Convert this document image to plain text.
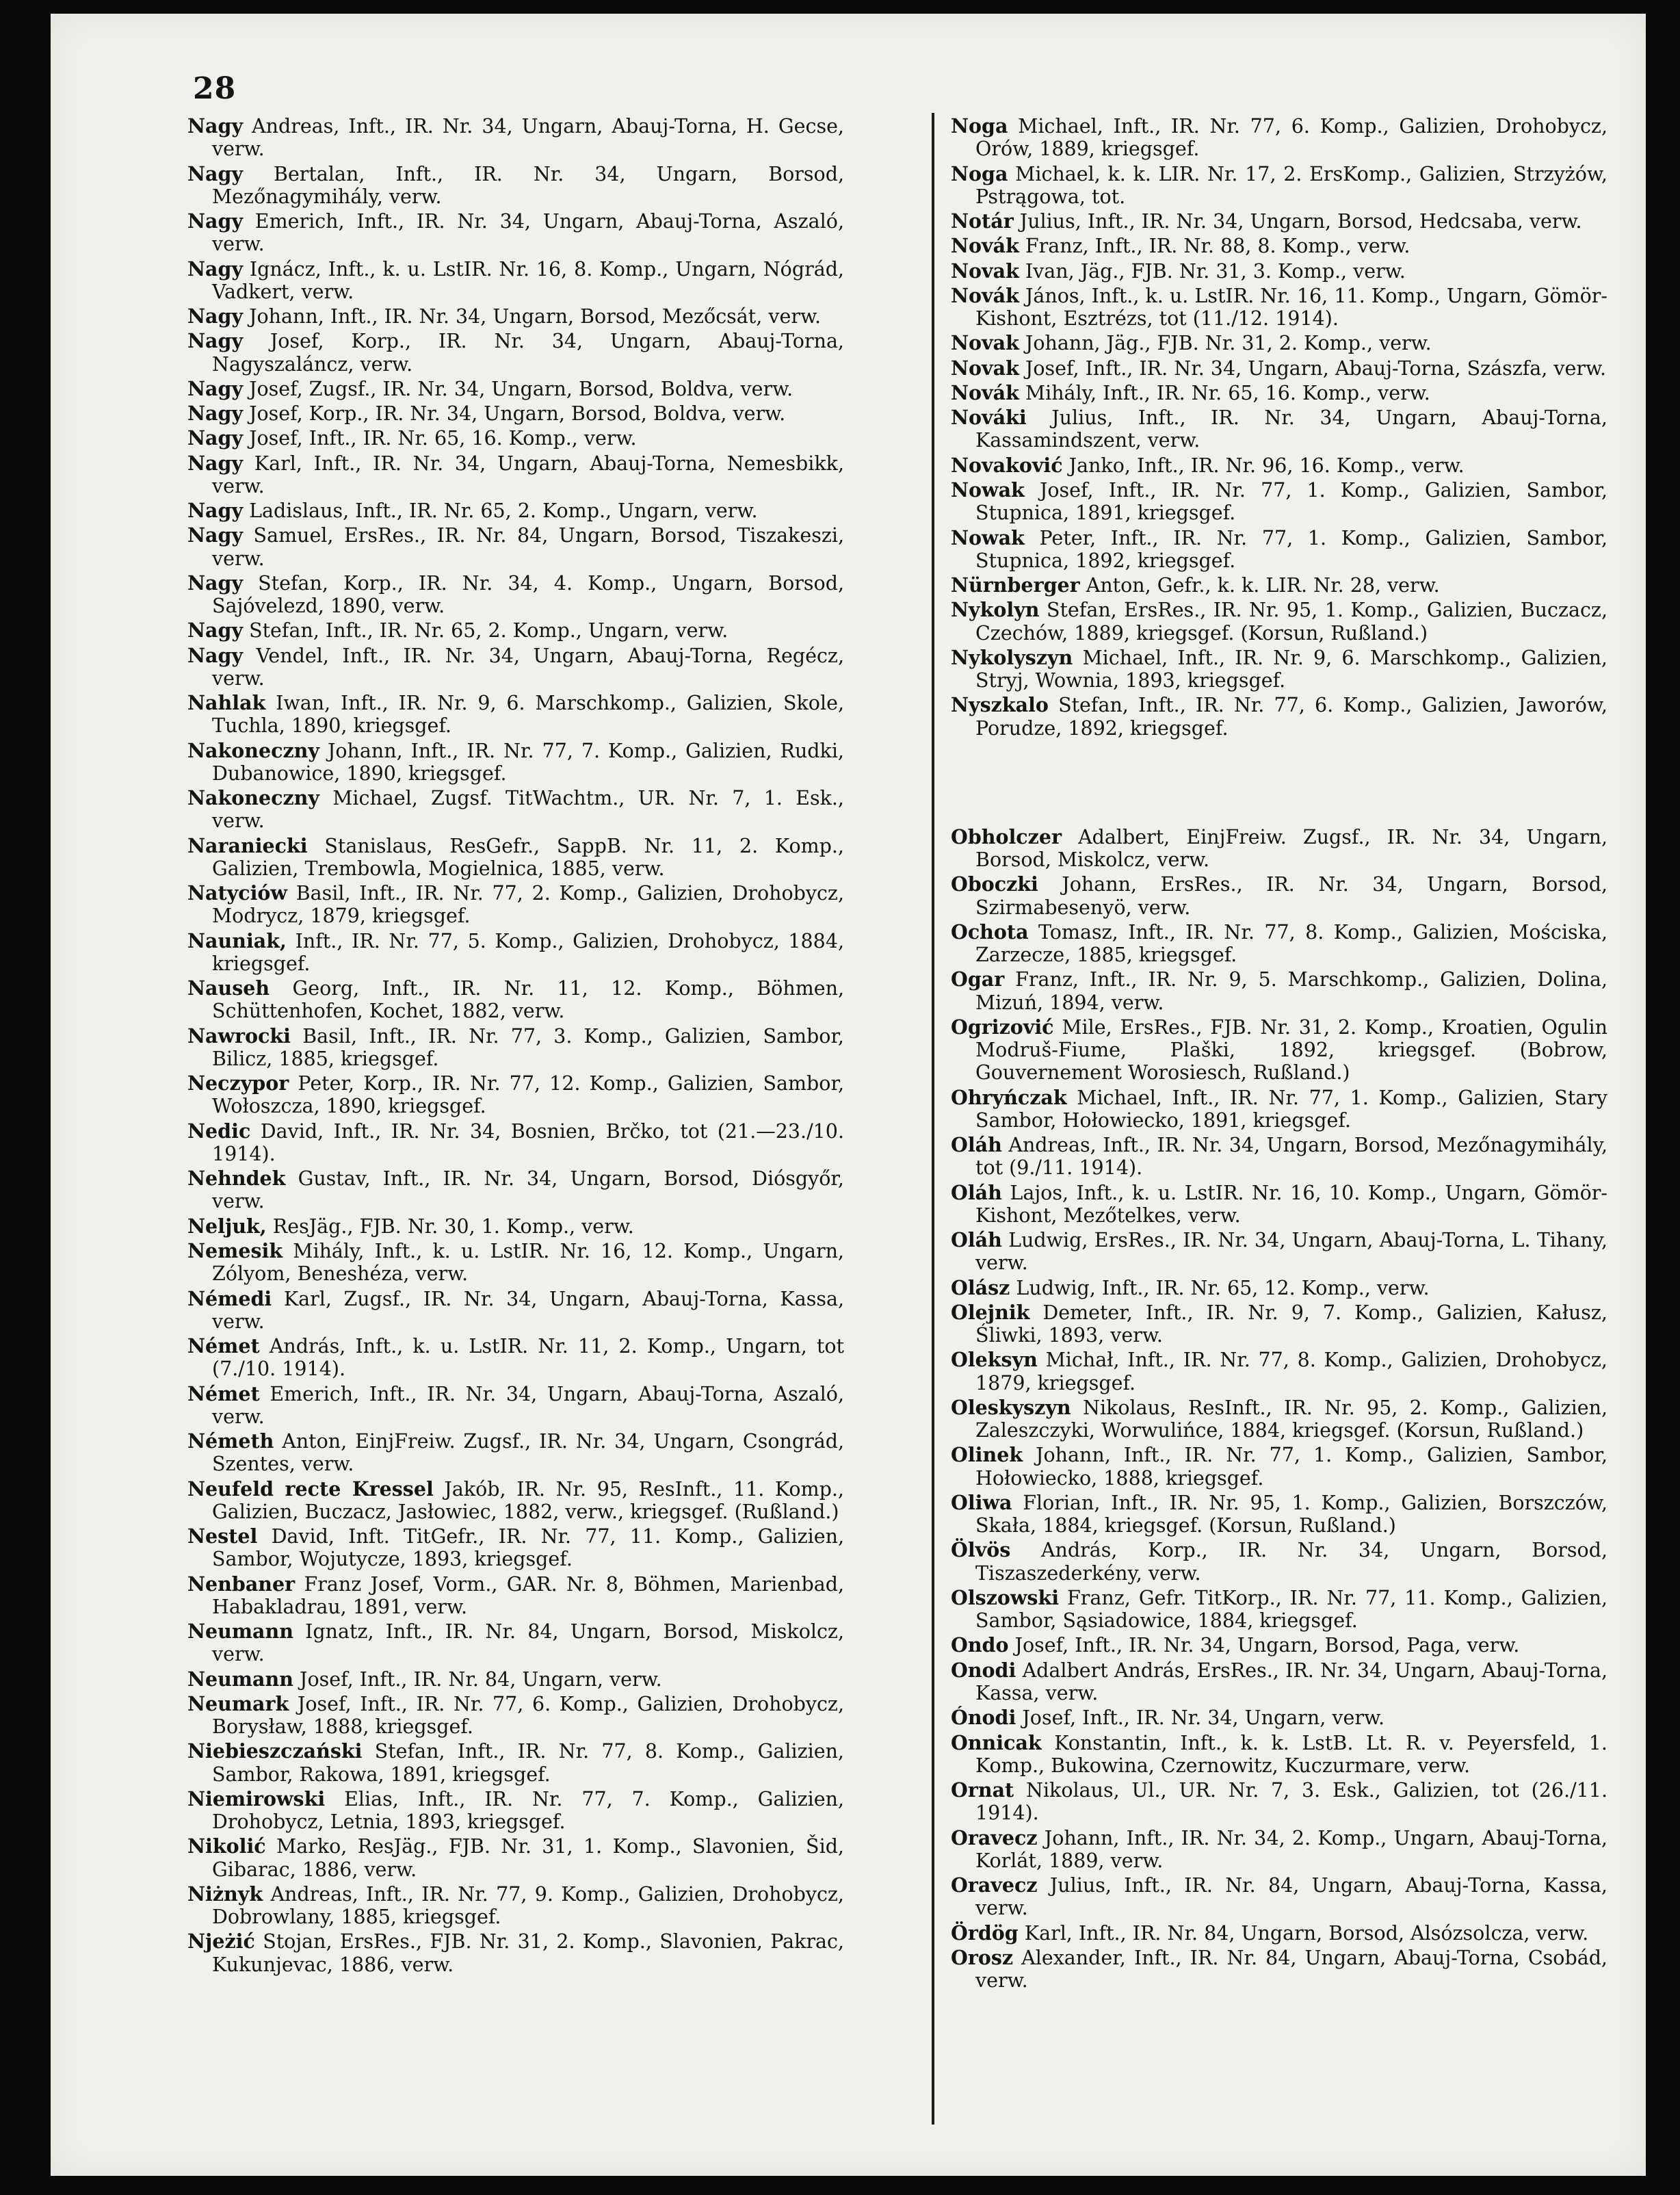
28
Nagy Andreas, Inft., IR. Nr. 34, Ungarn, Abauj-Torna, H. Gecse, verw.
Nagy Bertalan, Inft., IR. Nr. 34, Ungarn, Borsod, Mezőnagymihály, verw.
Nagy Emerich, Inft., IR. Nr. 34, Ungarn, Abauj-Torna, Aszaló, verw.
Nagy Ignácz, Inft., k. u. LstIR. Nr. 16, 8. Komp., Ungarn, Nógrád, Vadkert, verw.
Nagy Johann, Inft., IR. Nr. 34, Ungarn, Borsod, Mezőcsát, verw.
Nagy Josef, Korp., IR. Nr. 34, Ungarn, Abauj-Torna, Nagyszaláncz, verw.
Nagy Josef, Zugsf., IR. Nr. 34, Ungarn, Borsod, Boldva, verw.
Nagy Josef, Korp., IR. Nr. 34, Ungarn, Borsod, Boldva, verw.
Nagy Josef, Inft., IR. Nr. 65, 16. Komp., verw.
Nagy Karl, Inft., IR. Nr. 34, Ungarn, Abauj-Torna, Nemesbikk, verw.
Nagy Ladislaus, Inft., IR. Nr. 65, 2. Komp., Ungarn, verw.
Nagy Samuel, ErsRes., IR. Nr. 84, Ungarn, Borsod, Tiszakeszi, verw.
Nagy Stefan, Korp., IR. Nr. 34, 4. Komp., Ungarn, Borsod, Sajóvelezd, 1890, verw.
Nagy Stefan, Inft., IR. Nr. 65, 2. Komp., Ungarn, verw.
Nagy Vendel, Inft., IR. Nr. 34, Ungarn, Abauj-Torna, Regécz, verw.
Nahlak Iwan, Inft., IR. Nr. 9, 6. Marschkomp., Galizien, Skole, Tuchla, 1890, kriegsgef.
Nakoneczny Johann, Inft., IR. Nr. 77, 7. Komp., Galizien, Rudki, Dubanowice, 1890, kriegsgef.
Nakoneczny Michael, Zugsf. TitWachtm., UR. Nr. 7, 1. Esk., verw.
Naraniecki Stanislaus, ResGefr., SappB. Nr. 11, 2. Komp., Galizien, Trembowla, Mogielnica, 1885, verw.
Natyciów Basil, Inft., IR. Nr. 77, 2. Komp., Galizien, Drohobycz, Modrycz, 1879, kriegsgef.
Nauniak, Inft., IR. Nr. 77, 5. Komp., Galizien, Drohobycz, 1884, kriegsgef.
Nauseh Georg, Inft., IR. Nr. 11, 12. Komp., Böhmen, Schüttenhofen, Kochet, 1882, verw.
Nawrocki Basil, Inft., IR. Nr. 77, 3. Komp., Galizien, Sambor, Bilicz, 1885, kriegsgef.
Neczypor Peter, Korp., IR. Nr. 77, 12. Komp., Galizien, Sambor, Wołoszcza, 1890, kriegsgef.
Nedic David, Inft., IR. Nr. 34, Bosnien, Brčko, tot (21.—23./10. 1914).
Nehndek Gustav, Inft., IR. Nr. 34, Ungarn, Borsod, Diósgyőr, verw.
Neljuk, ResJäg., FJB. Nr. 30, 1. Komp., verw.
Nemesik Mihály, Inft., k. u. LstIR. Nr. 16, 12. Komp., Ungarn, Zólyom, Beneshéza, verw.
Némedi Karl, Zugsf., IR. Nr. 34, Ungarn, Abauj-Torna, Kassa, verw.
Német András, Inft., k. u. LstIR. Nr. 11, 2. Komp., Ungarn, tot (7./10. 1914).
Német Emerich, Inft., IR. Nr. 34, Ungarn, Abauj-Torna, Aszaló, verw.
Németh Anton, EinjFreiw. Zugsf., IR. Nr. 34, Ungarn, Csongrád, Szentes, verw.
Neufeld recte Kressel Jakób, IR. Nr. 95, ResInft., 11. Komp., Galizien, Buczacz, Jasłowiec, 1882, verw., kriegsgef. (Rußland.)
Nestel David, Inft. TitGefr., IR. Nr. 77, 11. Komp., Galizien, Sambor, Wojutycze, 1893, kriegsgef.
Nenbaner Franz Josef, Vorm., GAR. Nr. 8, Böhmen, Marienbad, Habakladrau, 1891, verw.
Neumann Ignatz, Inft., IR. Nr. 84, Ungarn, Borsod, Miskolcz, verw.
Neumann Josef, Inft., IR. Nr. 84, Ungarn, verw.
Neumark Josef, Inft., IR. Nr. 77, 6. Komp., Galizien, Drohobycz, Borysław, 1888, kriegsgef.
Niebieszczański Stefan, Inft., IR. Nr. 77, 8. Komp., Galizien, Sambor, Rakowa, 1891, kriegsgef.
Niemirowski Elias, Inft., IR. Nr. 77, 7. Komp., Galizien, Drohobycz, Letnia, 1893, kriegsgef.
Nikolić Marko, ResJäg., FJB. Nr. 31, 1. Komp., Slavonien, Šid, Gibarac, 1886, verw.
Niżnyk Andreas, Inft., IR. Nr. 77, 9. Komp., Galizien, Drohobycz, Dobrowlany, 1885, kriegsgef.
Njeżić Stojan, ErsRes., FJB. Nr. 31, 2. Komp., Slavonien, Pakrac, Kukunjevac, 1886, verw.
Noga Michael, Inft., IR. Nr. 77, 6. Komp., Galizien, Drohobycz, Orów, 1889, kriegsgef.
Noga Michael, k. k. LIR. Nr. 17, 2. ErsKomp., Galizien, Strzyżów, Pstrągowa, tot.
Notár Julius, Inft., IR. Nr. 34, Ungarn, Borsod, Hedcsaba, verw.
Novák Franz, Inft., IR. Nr. 88, 8. Komp., verw.
Novak Ivan, Jäg., FJB. Nr. 31, 3. Komp., verw.
Novák János, Inft., k. u. LstIR. Nr. 16, 11. Komp., Ungarn, Gömör-Kishont, Esztrézs, tot (11./12. 1914).
Novak Johann, Jäg., FJB. Nr. 31, 2. Komp., verw.
Novak Josef, Inft., IR. Nr. 34, Ungarn, Abauj-Torna, Szászfa, verw.
Novák Mihály, Inft., IR. Nr. 65, 16. Komp., verw.
Nováki Julius, Inft., IR. Nr. 34, Ungarn, Abauj-Torna, Kassamindszent, verw.
Novaković Janko, Inft., IR. Nr. 96, 16. Komp., verw.
Nowak Josef, Inft., IR. Nr. 77, 1. Komp., Galizien, Sambor, Stupnica, 1891, kriegsgef.
Nowak Peter, Inft., IR. Nr. 77, 1. Komp., Galizien, Sambor, Stupnica, 1892, kriegsgef.
Nürnberger Anton, Gefr., k. k. LIR. Nr. 28, verw.
Nykolyn Stefan, ErsRes., IR. Nr. 95, 1. Komp., Galizien, Buczacz, Czechów, 1889, kriegsgef. (Korsun, Rußland.)
Nykolyszyn Michael, Inft., IR. Nr. 9, 6. Marschkomp., Galizien, Stryj, Wownia, 1893, kriegsgef.
Nyszkalo Stefan, Inft., IR. Nr. 77, 6. Komp., Galizien, Jaworów, Porudze, 1892, kriegsgef.
Obholczer Adalbert, EinjFreiw. Zugsf., IR. Nr. 34, Ungarn, Borsod, Miskolcz, verw.
Oboczki Johann, ErsRes., IR. Nr. 34, Ungarn, Borsod, Szirmabesenyö, verw.
Ochota Tomasz, Inft., IR. Nr. 77, 8. Komp., Galizien, Mościska, Zarzecze, 1885, kriegsgef.
Ogar Franz, Inft., IR. Nr. 9, 5. Marschkomp., Galizien, Dolina, Mizuń, 1894, verw.
Ogrizović Mile, ErsRes., FJB. Nr. 31, 2. Komp., Kroatien, Ogulin Modruš-Fiume, Plaški, 1892, kriegsgef. (Bobrow, Gouvernement Worosiesch, Rußland.)
Ohryńczak Michael, Inft., IR. Nr. 77, 1. Komp., Galizien, Stary Sambor, Hołowiecko, 1891, kriegsgef.
Oláh Andreas, Inft., IR. Nr. 34, Ungarn, Borsod, Mezőnagymihály, tot (9./11. 1914).
Oláh Lajos, Inft., k. u. LstIR. Nr. 16, 10. Komp., Ungarn, Gömör-Kishont, Mezőtelkes, verw.
Oláh Ludwig, ErsRes., IR. Nr. 34, Ungarn, Abauj-Torna, L. Tihany, verw.
Olász Ludwig, Inft., IR. Nr. 65, 12. Komp., verw.
Olejnik Demeter, Inft., IR. Nr. 9, 7. Komp., Galizien, Kałusz, Śliwki, 1893, verw.
Oleksyn Michał, Inft., IR. Nr. 77, 8. Komp., Galizien, Drohobycz, 1879, kriegsgef.
Oleskyszyn Nikolaus, ResInft., IR. Nr. 95, 2. Komp., Galizien, Zaleszczyki, Worwulińce, 1884, kriegsgef. (Korsun, Rußland.)
Olinek Johann, Inft., IR. Nr. 77, 1. Komp., Galizien, Sambor, Hołowiecko, 1888, kriegsgef.
Oliwa Florian, Inft., IR. Nr. 95, 1. Komp., Galizien, Borszczów, Skała, 1884, kriegsgef. (Korsun, Rußland.)
Ölvös András, Korp., IR. Nr. 34, Ungarn, Borsod, Tiszaszederkény, verw.
Olszowski Franz, Gefr. TitKorp., IR. Nr. 77, 11. Komp., Galizien, Sambor, Sąsiadowice, 1884, kriegsgef.
Ondo Josef, Inft., IR. Nr. 34, Ungarn, Borsod, Paga, verw.
Onodi Adalbert András, ErsRes., IR. Nr. 34, Ungarn, Abauj-Torna, Kassa, verw.
Ónodi Josef, Inft., IR. Nr. 34, Ungarn, verw.
Onnicak Konstantin, Inft., k. k. LstB. Lt. R. v. Peyersfeld, 1. Komp., Bukowina, Czernowitz, Kuczurmare, verw.
Ornat Nikolaus, Ul., UR. Nr. 7, 3. Esk., Galizien, tot (26./11. 1914).
Oravecz Johann, Inft., IR. Nr. 34, 2. Komp., Ungarn, Abauj-Torna, Korlát, 1889, verw.
Oravecz Julius, Inft., IR. Nr. 84, Ungarn, Abauj-Torna, Kassa, verw.
Ördög Karl, Inft., IR. Nr. 84, Ungarn, Borsod, Alsózsolcza, verw.
Orosz Alexander, Inft., IR. Nr. 84, Ungarn, Abauj-Torna, Csobád, verw.
